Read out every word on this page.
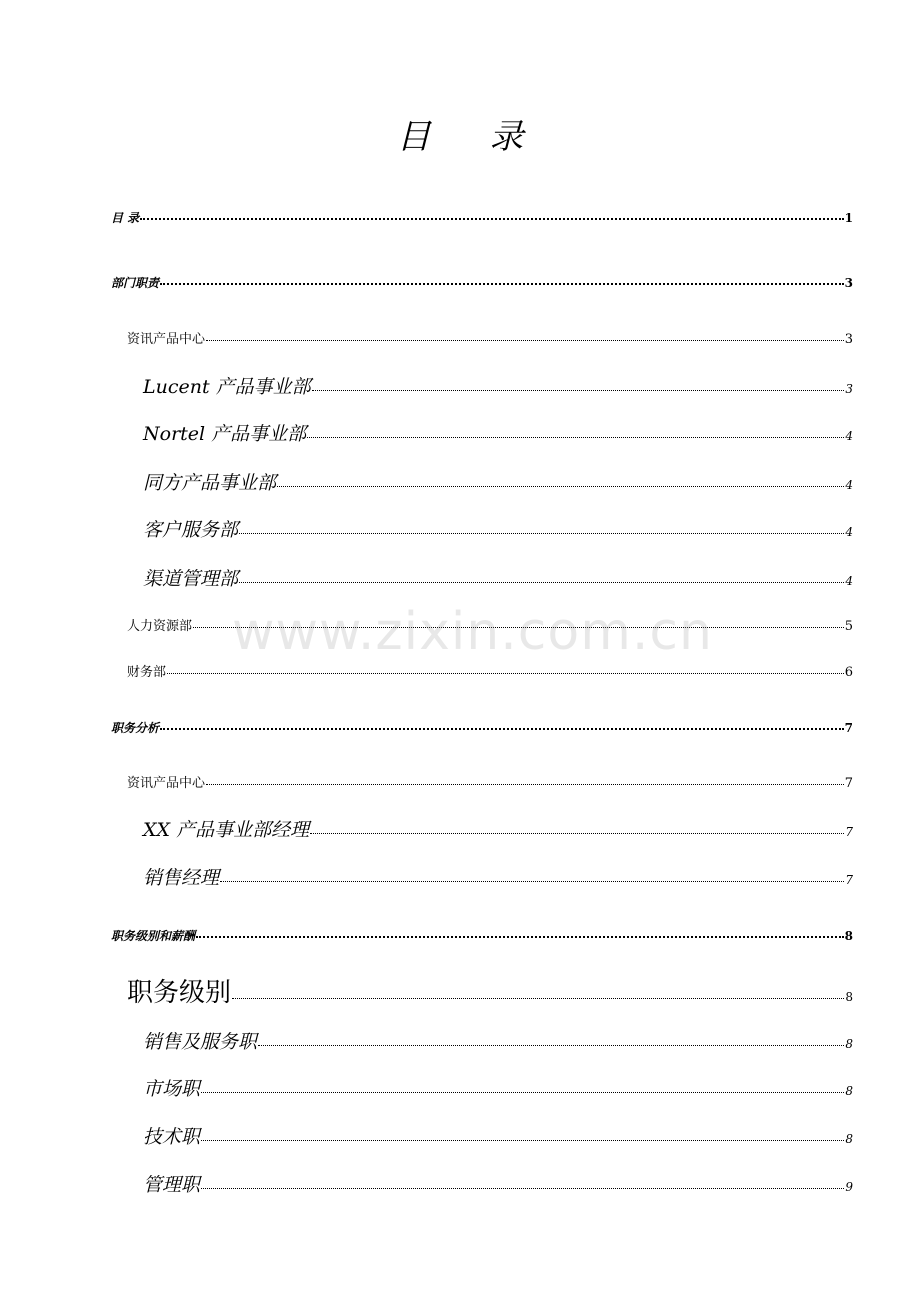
目 录
目 录	1
部门职责	3
资讯产品中心	3
Lucent 产品事业部	3
Nortel 产品事业部	4
同方产品事业部	4
客户服务部	4
渠道管理部	4
人力资源部	5
财务部	6
职务分析	7
资讯产品中心	7
XX 产品事业部经理	7
销售经理	7
职务级别和薪酬	8
职务级别	8
销售及服务职	8
市场职	8
技术职	8
管理职	9
www.zixin.com.cn
